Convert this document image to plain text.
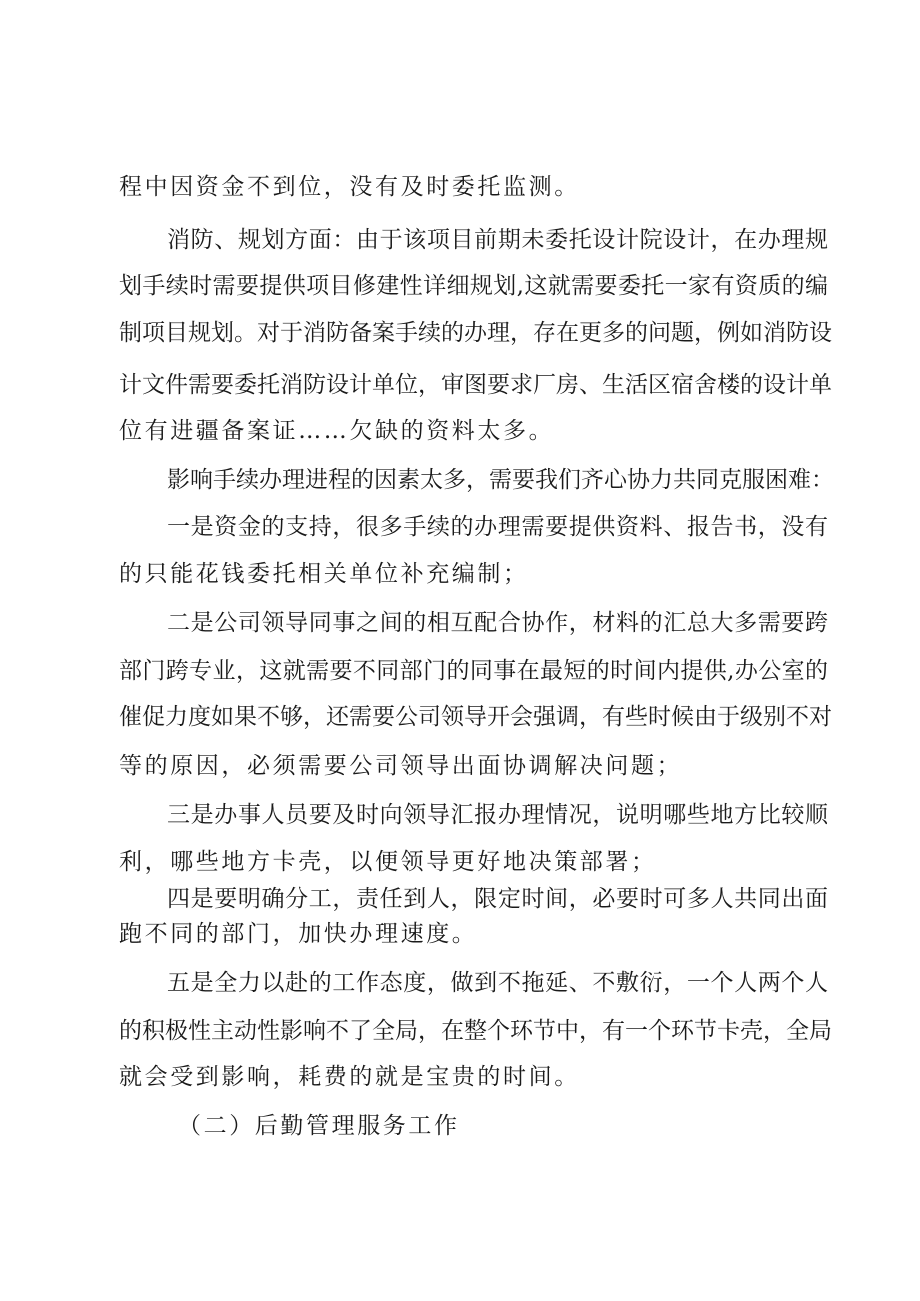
程中因资金不到位，没有及时委托监测。
消防、规划方面：由于该项目前期未委托设计院设计，在办理规
划手续时需要提供项目修建性详细规划,这就需要委托一家有资质的编
制项目规划。对于消防备案手续的办理，存在更多的问题，例如消防设
计文件需要委托消防设计单位，审图要求厂房、生活区宿舍楼的设计单
位有进疆备案证……欠缺的资料太多。
影响手续办理进程的因素太多，需要我们齐心协力共同克服困难：
一是资金的支持，很多手续的办理需要提供资料、报告书，没有
的只能花钱委托相关单位补充编制；
二是公司领导同事之间的相互配合协作，材料的汇总大多需要跨
部门跨专业，这就需要不同部门的同事在最短的时间内提供,办公室的
催促力度如果不够，还需要公司领导开会强调，有些时候由于级别不对
等的原因，必须需要公司领导出面协调解决问题；
三是办事人员要及时向领导汇报办理情况，说明哪些地方比较顺
利，哪些地方卡壳，以便领导更好地决策部署；
四是要明确分工，责任到人，限定时间，必要时可多人共同出面
跑不同的部门，加快办理速度。
五是全力以赴的工作态度，做到不拖延、不敷衍，一个人两个人
的积极性主动性影响不了全局，在整个环节中，有一个环节卡壳，全局
就会受到影响，耗费的就是宝贵的时间。
（二）后勤管理服务工作
